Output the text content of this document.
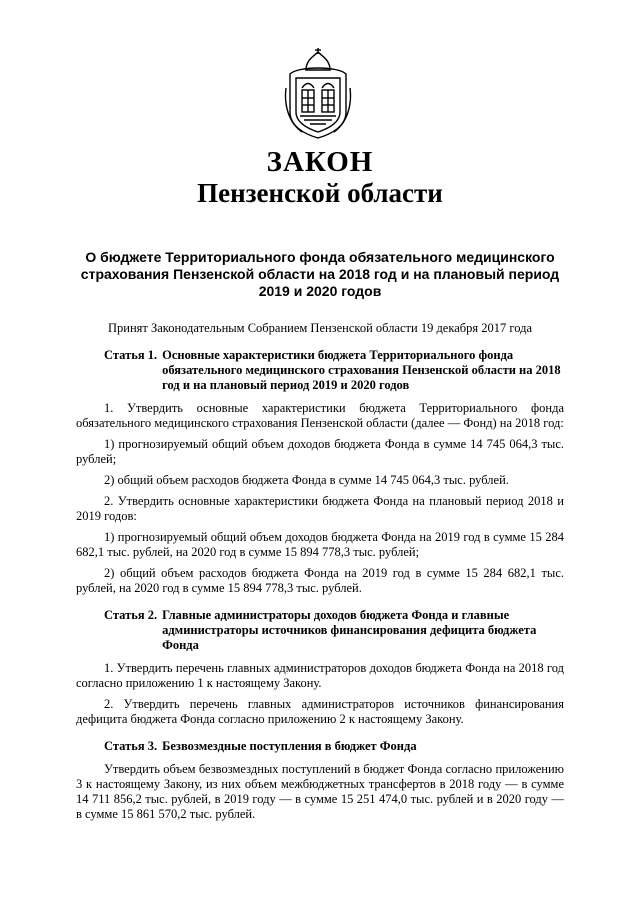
ЗАКОН
Пензенской области
О бюджете Территориального фонда обязательного медицинского страхования Пензенской области на 2018 год и на плановый период 2019 и 2020 годов
Принят Законодательным Собранием Пензенской области 19 декабря 2017 года
Статья 1. Основные характеристики бюджета Территориального фонда обязательного медицинского страхования Пензенской области на 2018 год и на плановый период 2019 и 2020 годов

1. Утвердить основные характеристики бюджета Территориального фонда обязательного медицинского страхования Пензенской области (далее — Фонд) на 2018 год:

1) прогнозируемый общий объем доходов бюджета Фонда в сумме 14 745 064,3 тыс. рублей;

2) общий объем расходов бюджета Фонда в сумме 14 745 064,3 тыс. рублей.

2. Утвердить основные характеристики бюджета Фонда на плановый период 2018 и 2019 годов:

1) прогнозируемый общий объем доходов бюджета Фонда на 2019 год в сумме 15 284 682,1 тыс. рублей, на 2020 год в сумме 15 894 778,3 тыс. рублей;

2) общий объем расходов бюджета Фонда на 2019 год в сумме 15 284 682,1 тыс. рублей, на 2020 год в сумме 15 894 778,3 тыс. рублей.

Статья 2. Главные администраторы доходов бюджета Фонда и главные администраторы источников финансирования дефицита бюджета Фонда

1. Утвердить перечень главных администраторов доходов бюджета Фонда на 2018 год согласно приложению 1 к настоящему Закону.

2. Утвердить перечень главных администраторов источников финансирования дефицита бюджета Фонда согласно приложению 2 к настоящему Закону.

Статья 3. Безвозмездные поступления в бюджет Фонда

Утвердить объем безвозмездных поступлений в бюджет Фонда согласно приложению 3 к настоящему Закону, из них объем межбюджетных трансфертов в 2018 году — в сумме 14 711 856,2 тыс. рублей, в 2019 году — в сумме 15 251 474,0 тыс. рублей и в 2020 году — в сумме 15 861 570,2 тыс. рублей.
